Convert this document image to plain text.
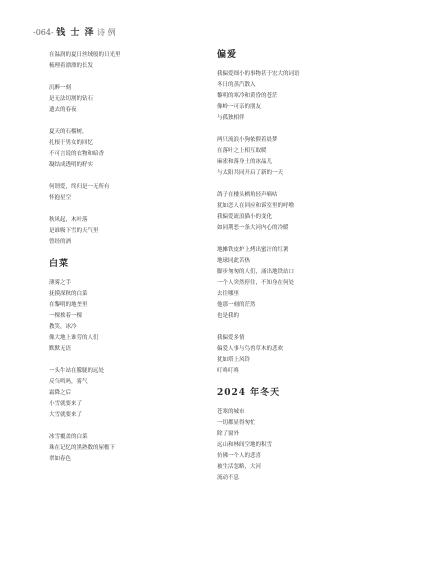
-064- 钱 士 泽 诗 例
在温润的夏日丝绒般的日光里
梳理着漂漂的长发
沉醉一刻
是无法切割的钻石
遗去的春夜
夏天的石榴树，
扎根于男女的回忆
不可言说的衣物和暗香
凝结成透明的籽实
何谓爱，终归是一无所有
怀抱星空
秋风起，木叶落
是谁吸下雪的天气里
曾经的酒
白菜
薄雾之手
抚摸深秋的白菜
在黎明的地垄里
一棵挨着一棵
教笑，冰冷
像大地上谁劳的人们
默默无语
一头牛站在朦胧的远处
反刍鸣吗，雾气
霜降之后
小雪就要来了
大雪就要来了
冰雪覆盖的白菜
珠在记忆的黑熟数的屋檐下
翠如春色
偏爱
我偏爱细小的事物甚于宏大的词语
冬日的蒸汽散入
黎明的寒冷和黄昏的苍茫
像岭一可亲的朋友
与孤独相伴
两只流浪小狗依偎着晨梦
在落叶之上相互取暖
麻雀和落身土的冰晶儿
与太阳共同开启了新的一天
鸽子在楼头栖角轻声嘀咕
犹如恋人在回应和诉室里的呼噜
我偏爱流浪猫小的变化
如同荆恶一条大河内心的冷暖
地摊铁皮炉上烤出蜜汁的红薯
地球同此苦热
脚步匆匆的人们，涌出地铁站口
一个人突然停住，不知身在何处
去往哪里
他那一刻的茫然
也是我的
我偏爱多情
偏爱人事与鸟兽草木的悲欢
犹如塔上风铃
叮咚叮咚
2024 年冬天
苍寒的城市
一切都显得匆忙
除了窗外
远山和林间空地的积雪
仿佛一个人的悲喜
被生活忽略，大河
流动不息
